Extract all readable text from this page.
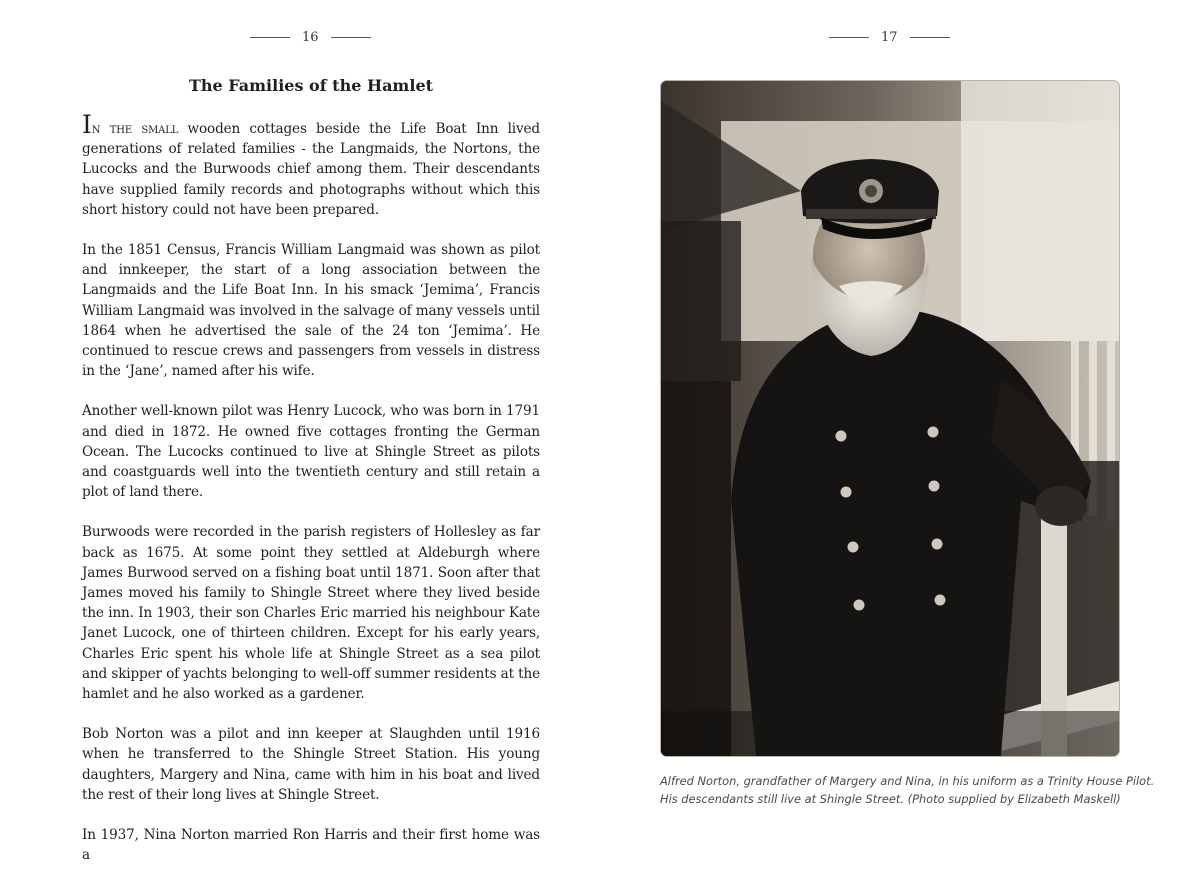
16
The Families of the Hamlet

In the small wooden cottages beside the Life Boat Inn lived generations of related families - the Langmaids, the Nortons, the Lucocks and the Burwoods chief among them. Their descendants have supplied family records and photographs without which this short history could not have been prepared.

In the 1851 Census, Francis William Langmaid was shown as pilot and innkeeper, the start of a long association between the Langmaids and the Life Boat Inn. In his smack ‘Jemima’, Francis William Langmaid was involved in the salvage of many vessels until 1864 when he advertised the sale of the 24 ton ‘Jemima’. He continued to rescue crews and passengers from vessels in distress in the ‘Jane’, named after his wife.

Another well-known pilot was Henry Lucock, who was born in 1791 and died in 1872. He owned five cottages fronting the German Ocean. The Lucocks continued to live at Shingle Street as pilots and coastguards well into the twentieth century and still retain a plot of land there.

Burwoods were recorded in the parish registers of Hollesley as far back as 1675. At some point they settled at Aldeburgh where James Burwood served on a fishing boat until 1871. Soon after that James moved his family to Shingle Street where they lived beside the inn. In 1903, their son Charles Eric married his neighbour Kate Janet Lucock, one of thirteen children. Except for his early years, Charles Eric spent his whole life at Shingle Street as a sea pilot and skipper of yachts belonging to well-off summer residents at the hamlet and he also worked as a gardener.

Bob Norton was a pilot and inn keeper at Slaughden until 1916 when he transferred to the Shingle Street Station. His young daughters, Margery and Nina, came with him in his boat and lived the rest of their long lives at Shingle Street.

In 1937, Nina Norton married Ron Harris and their first home was a

17

Alfred Norton, grandfather of Margery and Nina, in his uniform as a Trinity House Pilot.
His descendants still live at Shingle Street. (Photo supplied by Elizabeth Maskell)
